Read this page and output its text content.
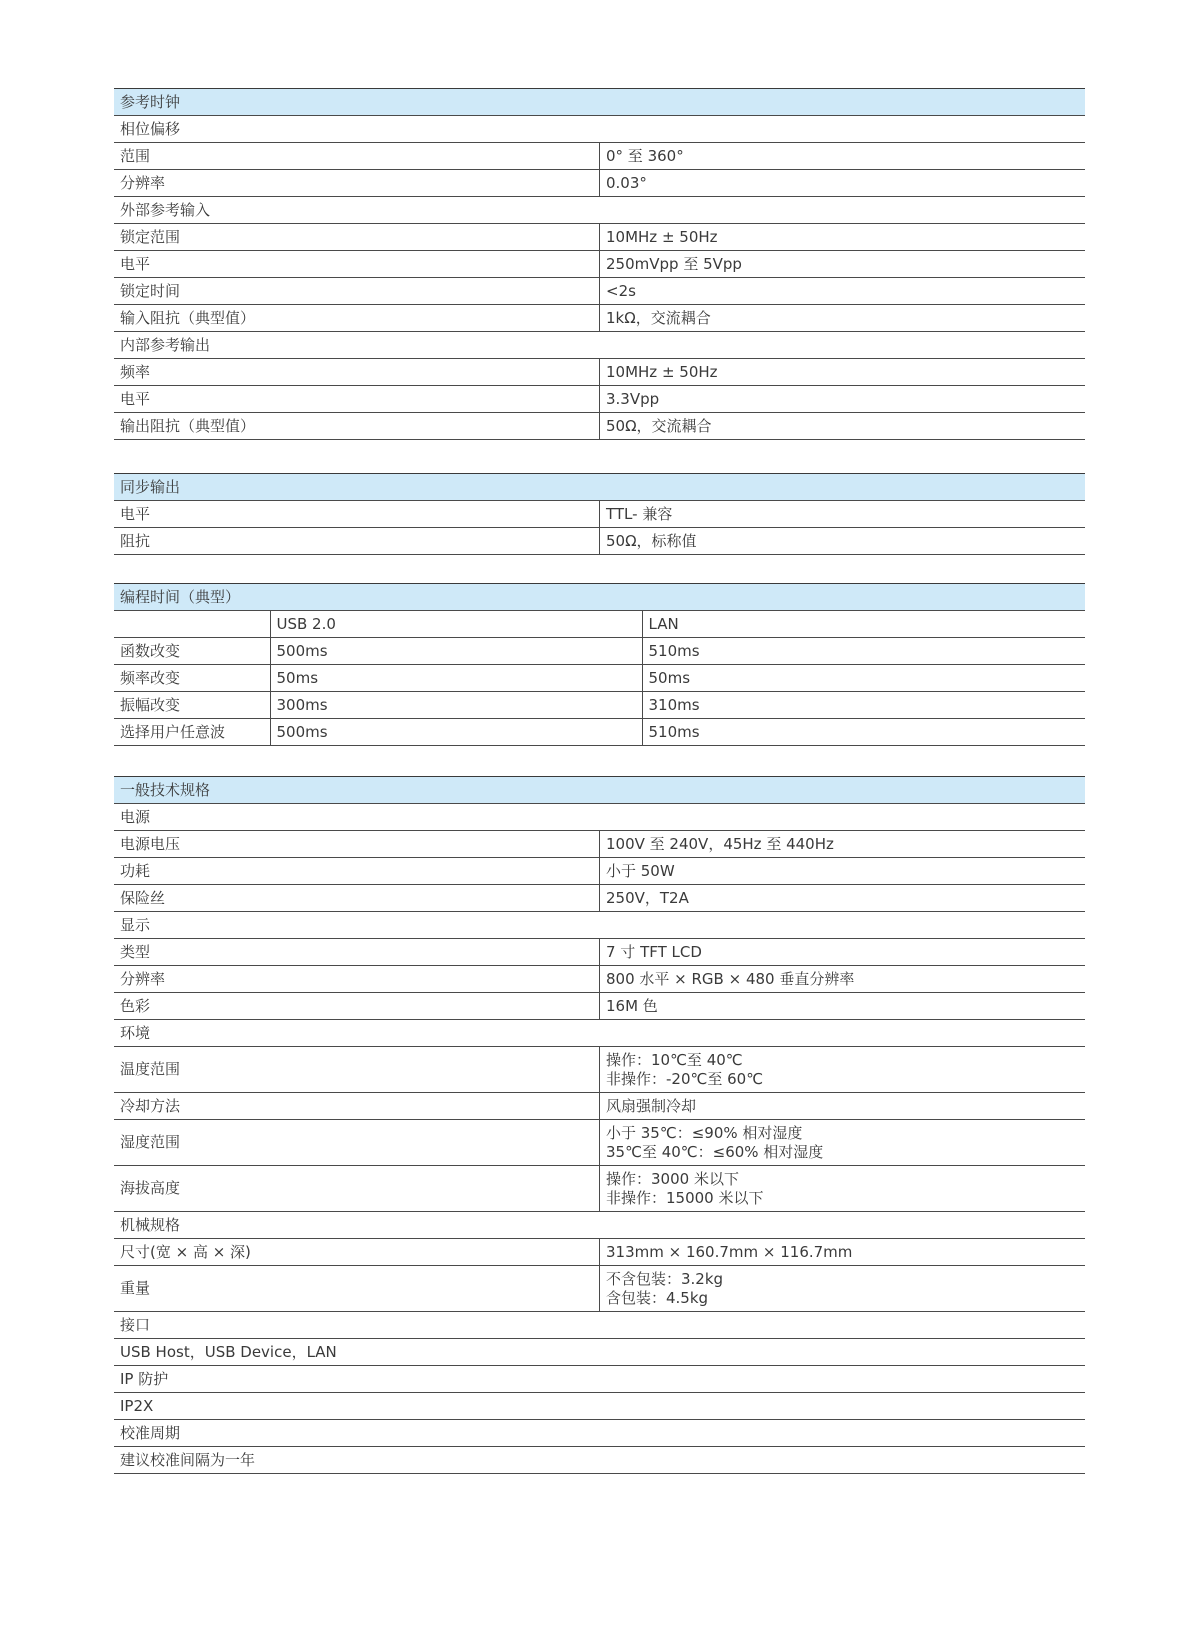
参考时钟	
相位偏移	
范围	0° 至 360°
分辨率	0.03°
外部参考输入	
锁定范围	10MHz ± 50Hz
电平	250mVpp 至 5Vpp
锁定时间	<2s
输入阻抗（典型值）	1kΩ，交流耦合
内部参考输出	
频率	10MHz ± 50Hz
电平	3.3Vpp
输出阻抗（典型值）	50Ω，交流耦合
同步输出	
电平	TTL- 兼容
阻抗	50Ω，标称值
编程时间（典型）		
	USB 2.0	LAN
函数改变	500ms	510ms
频率改变	50ms	50ms
振幅改变	300ms	310ms
选择用户任意波	500ms	510ms
一般技术规格	
电源	
电源电压	100V 至 240V，45Hz 至 440Hz
功耗	小于 50W
保险丝	250V，T2A
显示	
类型	7 寸 TFT LCD
分辨率	800 水平 × RGB × 480 垂直分辨率
色彩	16M 色
环境	
温度范围	操作：10℃至 40℃
非操作：-20℃至 60℃

冷却方法	风扇强制冷却
湿度范围	小于 35℃：≤90% 相对湿度
35℃至 40℃：≤60% 相对湿度

海拔高度	操作：3000 米以下
非操作：15000 米以下

机械规格	
尺寸(宽 × 高 × 深)	313mm × 160.7mm × 116.7mm
重量	不含包装：3.2kg
含包装：4.5kg

接口	
USB Host，USB Device，LAN	
IP 防护	
IP2X	
校准周期	
建议校准间隔为一年	
